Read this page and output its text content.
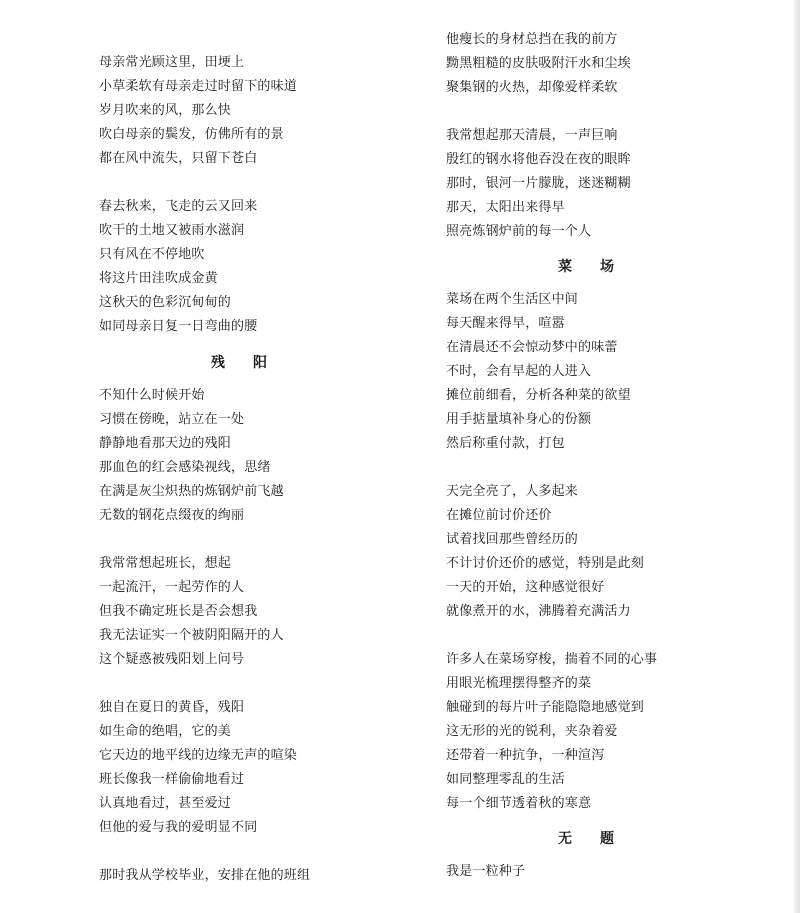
母亲常光顾这里，田埂上
小草柔软有母亲走过时留下的味道
岁月吹来的风，那么快
吹白母亲的鬓发，仿佛所有的景
都在风中流失，只留下苍白
春去秋来，飞走的云又回来
吹干的土地又被雨水滋润
只有风在不停地吹
将这片田洼吹成金黄
这秋天的色彩沉甸甸的
如同母亲日复一日弯曲的腰
残阳
不知什么时候开始
习惯在傍晚，站立在一处
静静地看那天边的残阳
那血色的红会感染视线，思绪
在满是灰尘炽热的炼钢炉前飞越
无数的钢花点缀夜的绚丽
我常常想起班长，想起
一起流汗，一起劳作的人
但我不确定班长是否会想我
我无法证实一个被阴阳隔开的人
这个疑惑被残阳划上问号
独自在夏日的黄昏，残阳
如生命的绝唱，它的美
它天边的地平线的边缘无声的喧染
班长像我一样偷偷地看过
认真地看过，甚至爱过
但他的爱与我的爱明显不同
那时我从学校毕业，安排在他的班组
他瘦长的身材总挡在我的前方
黝黑粗糙的皮肤吸附汗水和尘埃
聚集钢的火热，却像爱样柔软
我常想起那天清晨，一声巨响
殷红的钢水将他吞没在夜的眼眸
那时，银河一片朦胧，迷迷糊糊
那天，太阳出来得早
照亮炼钢炉前的每一个人
菜场
菜场在两个生活区中间
每天醒来得早，喧嚣
在清晨还不会惊动梦中的味蕾
不时，会有早起的人进入
摊位前细看，分析各种菜的欲望
用手掂量填补身心的份额
然后称重付款，打包
天完全亮了，人多起来
在摊位前讨价还价
试着找回那些曾经历的
不计讨价还价的感觉，特别是此刻
一天的开始，这种感觉很好
就像煮开的水，沸腾着充满活力
许多人在菜场穿梭，揣着不同的心事
用眼光梳理摆得整齐的菜
触碰到的每片叶子能隐隐地感觉到
这无形的光的锐利，夹杂着爱
还带着一种抗争，一种渲泻
如同整理零乱的生活
每一个细节透着秋的寒意
无题
我是一粒种子
